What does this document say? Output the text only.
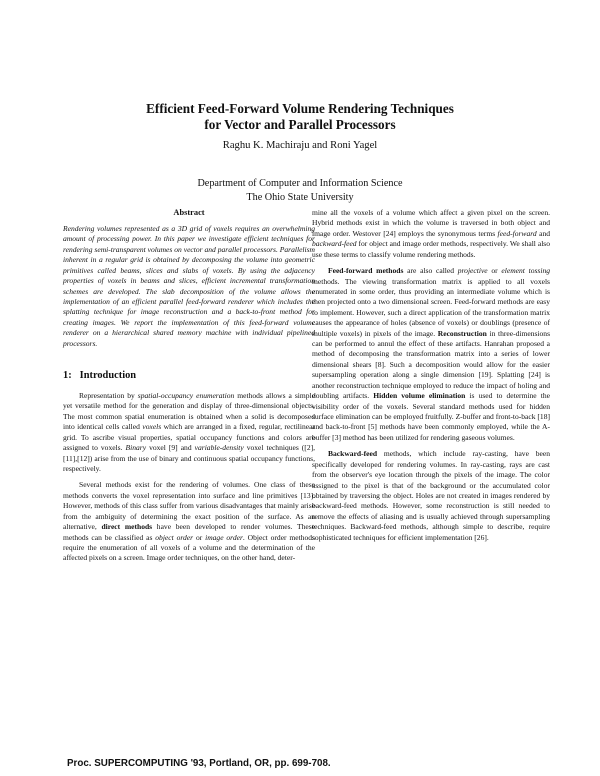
Efficient Feed-Forward Volume Rendering Techniques
for Vector and Parallel Processors
Raghu K. Machiraju and Roni Yagel
Department of Computer and Information Science
The Ohio State University
Abstract

Rendering volumes represented as a 3D grid of voxels requires an overwhelming amount of processing power. In this paper we investigate efficient techniques for rendering semi-transparent volumes on vector and parallel processors. Parallelism inherent in a regular grid is obtained by decomposing the volume into geometric primitives called beams, slices and slabs of voxels. By using the adjacency properties of voxels in beams and slices, efficient incremental transformation schemes are developed. The slab decomposition of the volume allows the implementation of an efficient parallel feed-forward renderer which includes the splatting technique for image reconstruction and a back-to-front method for creating images. We report the implementation of this feed-forward volume renderer on a hierarchical shared memory machine with individual pipelined processors.

1: Introduction

Representation by spatial-occupancy enumeration methods allows a simple yet versatile method for the generation and display of three-dimensional objects. The most common spatial enumeration is obtained when a solid is decomposed into identical cells called voxels which are arranged in a fixed, regular, rectilinear grid. To ascribe visual properties, spatial occupancy functions and colors are assigned to voxels. Binary voxel [9] and variable-density voxel techniques ([2], [11],[12]) arise from the use of binary and continuous spatial occupancy functions, respectively.

Several methods exist for the rendering of volumes. One class of these methods converts the voxel representation into surface and line primitives [13]. However, methods of this class suffer from various disadvantages that mainly arise from the ambiguity of determining the exact position of the surface. As an alternative, direct methods have been developed to render volumes. These methods can be classified as object order or image order. Object order methods require the enumeration of all voxels of a volume and the determination of the affected pixels on a screen. Image order techniques, on the other hand, deter-

mine all the voxels of a volume which affect a given pixel on the screen. Hybrid methods exist in which the volume is traversed in both object and image order. Westover [24] employs the synonymous terms feed-forward and backward-feed for object and image order methods, respectively. We shall also use these terms to classify volume rendering methods.

Feed-forward methods are also called projective or element tossing methods. The viewing transformation matrix is applied to all voxels enumerated in some order, thus providing an intermediate volume which is then projected onto a two dimensional screen. Feed-forward methods are easy to implement. However, such a direct application of the transformation matrix causes the appearance of holes (absence of voxels) or doublings (presence of multiple voxels) in pixels of the image. Reconstruction in three-dimensions can be performed to annul the effect of these artifacts. Hanrahan proposed a method of decomposing the transformation matrix into a series of lower dimensional shears [8]. Such a decomposition would allow for the easier supersampling operation along a single dimension [19]. Splatting [24] is another reconstruction technique employed to reduce the impact of holing and doubling artifacts. Hidden volume elimination is used to determine the visibility order of the voxels. Several standard methods used for hidden surface elimination can be employed fruitfully. Z-buffer and front-to-back [18] and back-to-front [5] methods have been commonly employed, while the A-buffer [3] method has been utilized for rendering gaseous volumes.

Backward-feed methods, which include ray-casting, have been specifically developed for rendering volumes. In ray-casting, rays are cast from the observer's eye location through the pixels of the image. The color assigned to the pixel is that of the background or the accumulated color obtained by traversing the object. Holes are not created in images rendered by backward-feed methods. However, some reconstruction is still needed to remove the effects of aliasing and is usually achieved through supersampling techniques. Backward-feed methods, although simple to describe, require sophisticated techniques for efficient implementation [26].

Proc. SUPERCOMPUTING '93, Portland, OR, pp. 699-708.
